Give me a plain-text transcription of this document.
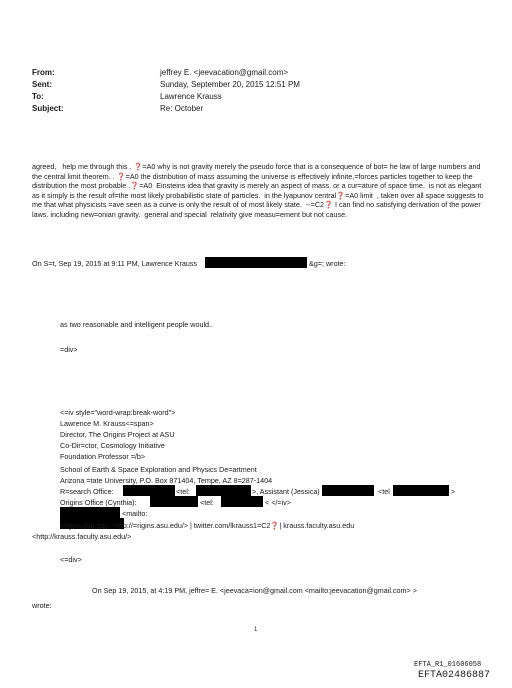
From:	jeffrey E. <jeevacation@gmail.com>
Sent:	Sunday, September 20, 2015 12:51 PM
To:	Lawrence Krauss
Subject:	Re: October
agreed,   help me through this . ❓=A0 why is not gravity merely the pseudo force that is a consequence of bot= he law of large numbers and the central limit theorem. . ❓=A0 the distribution of mass assuming the universe is effectively infinite,=forces particles together to keep the distribution the most probable .❓=A0  Einsteins idea that gravity is merely an aspect of mass. or a cur=ature of space time.  is not as elegant as it simply is the result of=the most likely probabilistic state of particles.  in the lyapunov central❓=A0 limit  , taken over all space suggests to me that what physicists =ave seen as a curve is only the result of of most likely state.  --=C2❓ I can find no satisfying derivation of the power laws. including new=onian gravity.  general and special  relativity give measu=ement but not cause.
On S=t, Sep 19, 2015 at 9:11 PM, Lawrence Krauss	&g=; wrote:
as two reasonable and intelligent people would..
=div>
<=iv style="word-wrap:break-word">
Lawrence M. Krauss<=span>
Director, The Origins Project at ASU
Co-Dir=ctor, Cosmology Initiative
Foundation Professor =/b>
School of Earth & Space Exploration and Physics De=artment
Arizona =tate University, P.O. Box 871404, Tempe, AZ 8=287-1404
R=search Office:	<tel:	>, Assistant (Jessica)	<tel	>
Origins Office (Cynthia):	<tel:	< </=iv>
<mailto:
origins.asu.edu <http://=rigins.asu.edu/> | twitter.com/lkrauss1=C2❓| krauss.faculty.asu.edu
<http://krauss.faculty.asu.edu/>
<=div>
On Sep 19, 2015, at 4:19 PM, jeffre= E. <jeevaca=ion@gmail.com <mailto:jeevacation@gmail.com> >
wrote:
1
EFTA_R1_01606058
EFTA02486887
